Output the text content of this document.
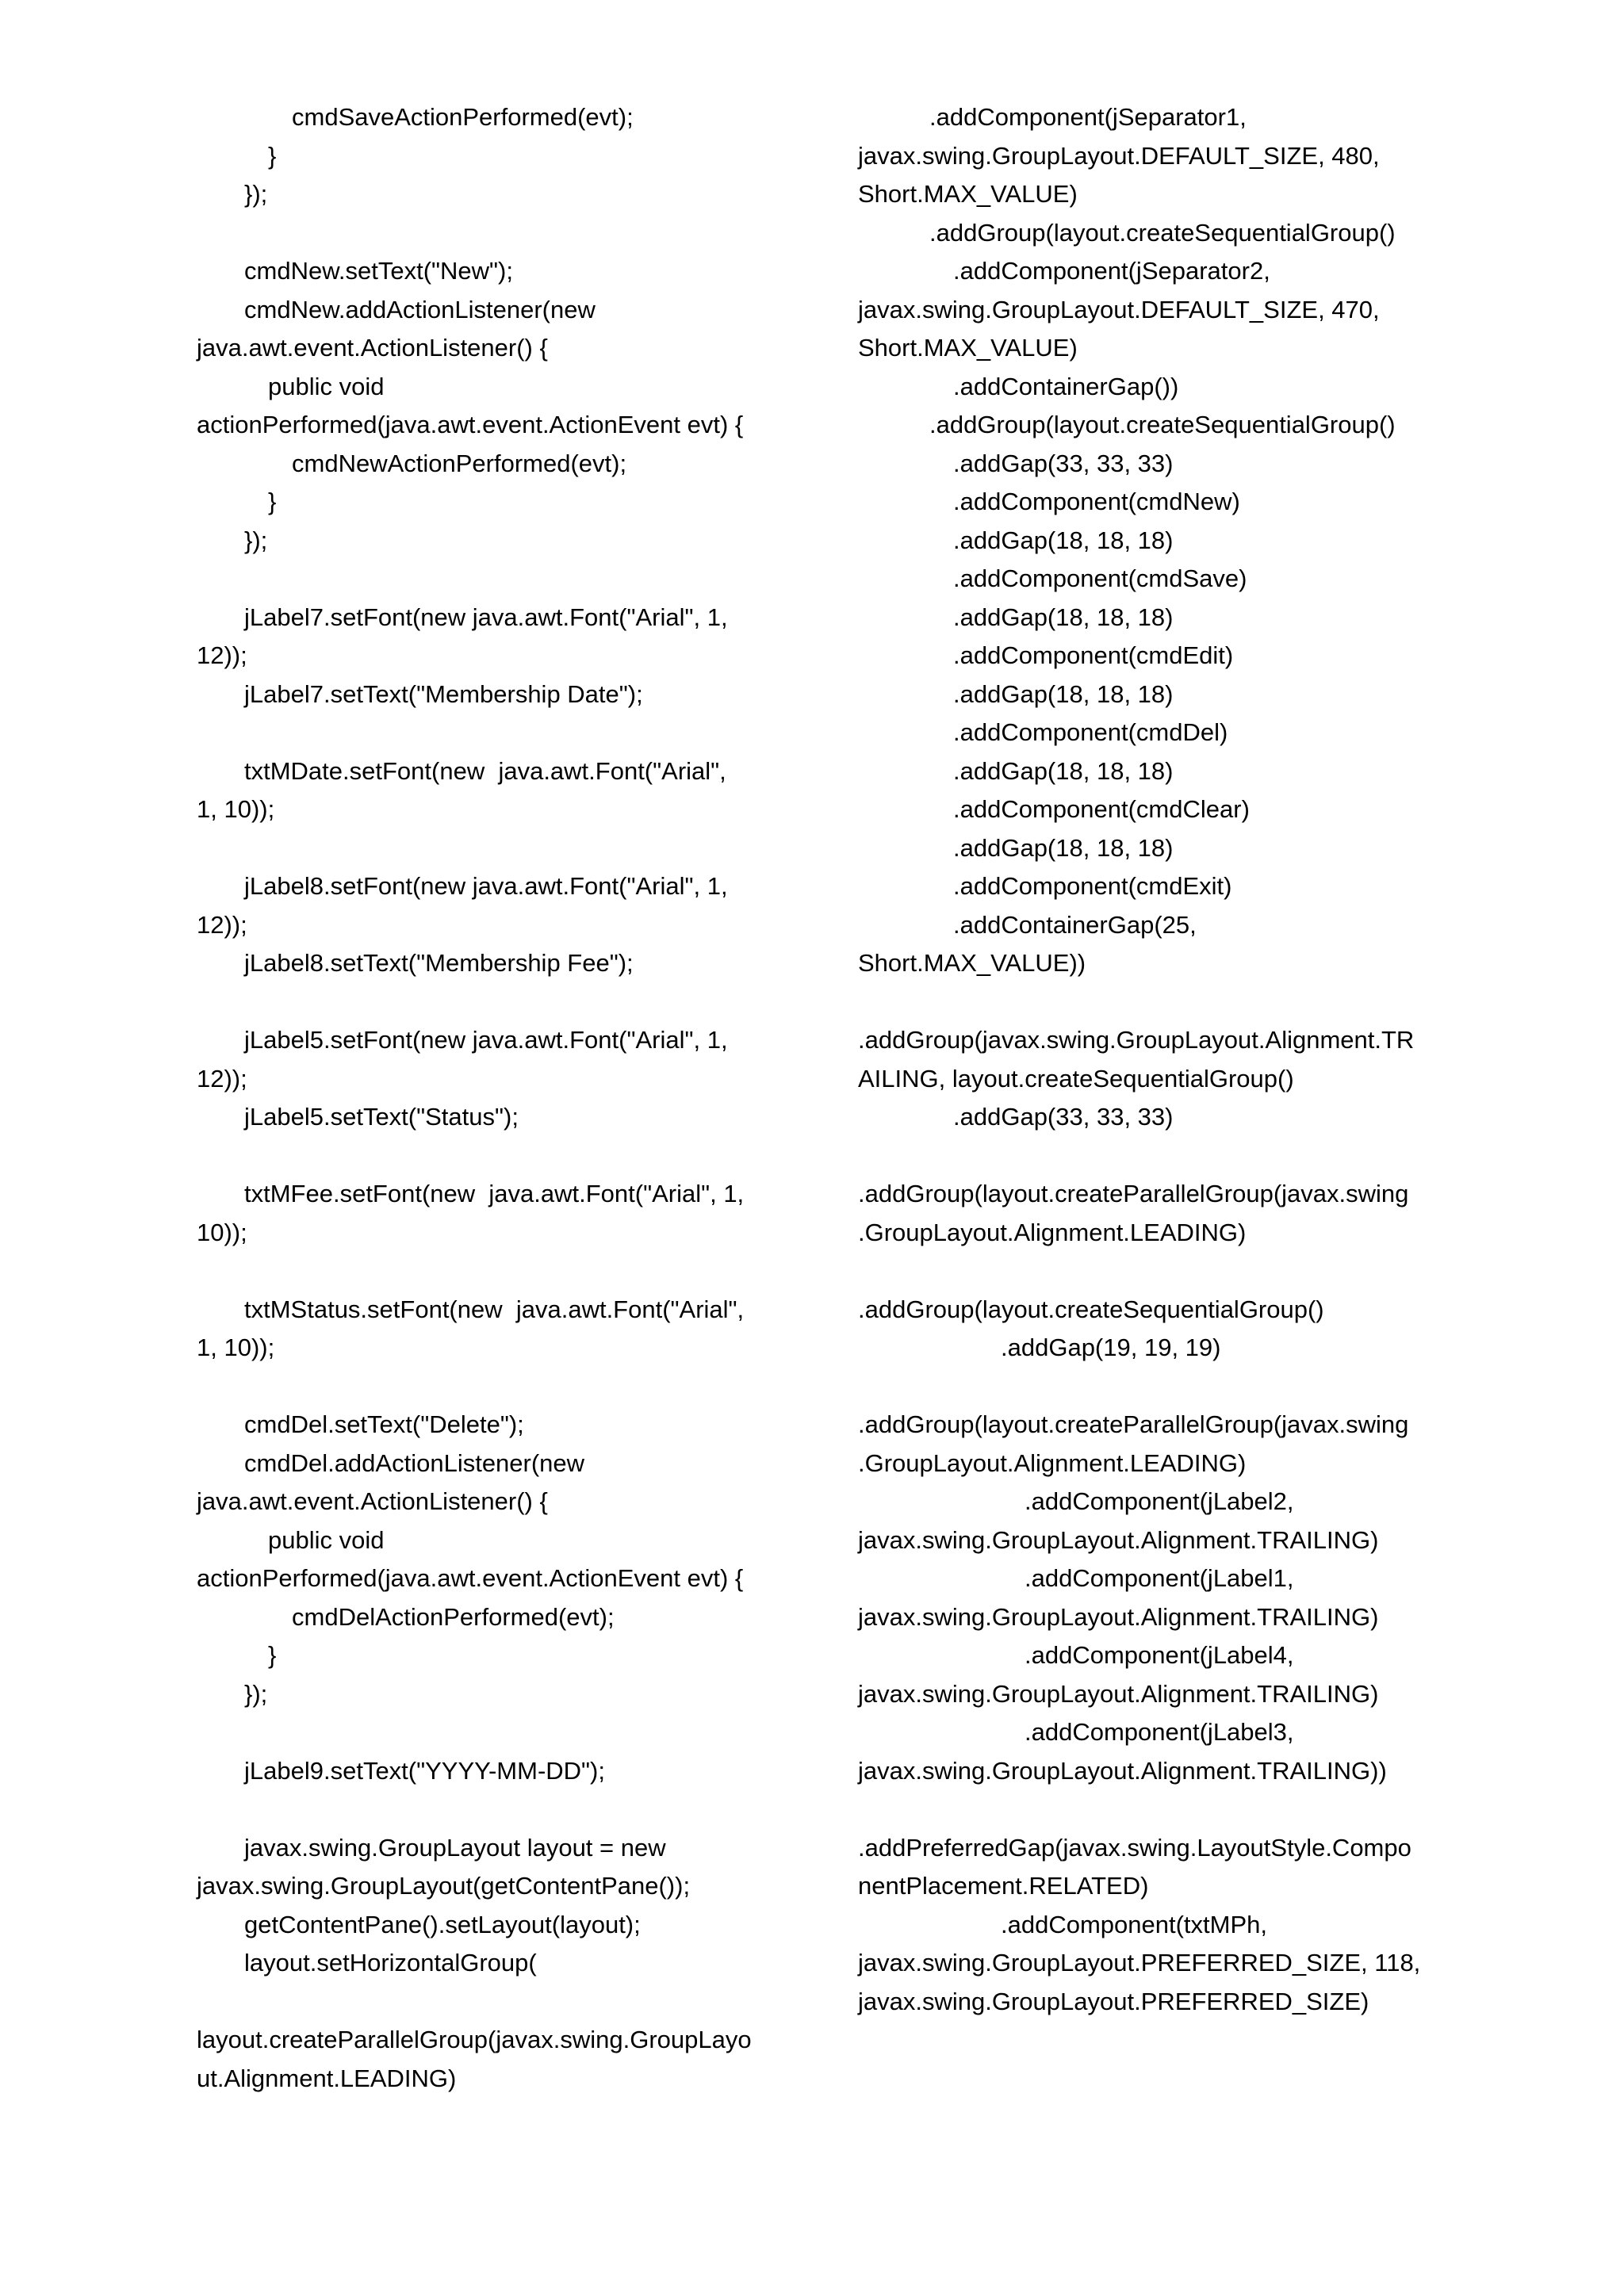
cmdSaveActionPerformed(evt);
}
});
cmdNew.setText("New");
cmdNew.addActionListener(new
java.awt.event.ActionListener() {
public void
actionPerformed(java.awt.event.ActionEvent evt) {
cmdNewActionPerformed(evt);
}
});
jLabel7.setFont(new java.awt.Font("Arial", 1,
12));
jLabel7.setText("Membership Date");
txtMDate.setFont(new  java.awt.Font("Arial",
1, 10));
jLabel8.setFont(new java.awt.Font("Arial", 1,
12));
jLabel8.setText("Membership Fee");
jLabel5.setFont(new java.awt.Font("Arial", 1,
12));
jLabel5.setText("Status");
txtMFee.setFont(new  java.awt.Font("Arial", 1,
10));
txtMStatus.setFont(new  java.awt.Font("Arial",
1, 10));
cmdDel.setText("Delete");
cmdDel.addActionListener(new
java.awt.event.ActionListener() {
public void
actionPerformed(java.awt.event.ActionEvent evt) {
cmdDelActionPerformed(evt);
}
});
jLabel9.setText("YYYY-MM-DD");
javax.swing.GroupLayout layout = new
javax.swing.GroupLayout(getContentPane());
getContentPane().setLayout(layout);
layout.setHorizontalGroup(
layout.createParallelGroup(javax.swing.GroupLayo
ut.Alignment.LEADING)
.addComponent(jSeparator1,
javax.swing.GroupLayout.DEFAULT_SIZE, 480,
Short.MAX_VALUE)
.addGroup(layout.createSequentialGroup()
.addComponent(jSeparator2,
javax.swing.GroupLayout.DEFAULT_SIZE, 470,
Short.MAX_VALUE)
.addContainerGap())
.addGroup(layout.createSequentialGroup()
.addGap(33, 33, 33)
.addComponent(cmdNew)
.addGap(18, 18, 18)
.addComponent(cmdSave)
.addGap(18, 18, 18)
.addComponent(cmdEdit)
.addGap(18, 18, 18)
.addComponent(cmdDel)
.addGap(18, 18, 18)
.addComponent(cmdClear)
.addGap(18, 18, 18)
.addComponent(cmdExit)
.addContainerGap(25,
Short.MAX_VALUE))
.addGroup(javax.swing.GroupLayout.Alignment.TR
AILING, layout.createSequentialGroup()
.addGap(33, 33, 33)
.addGroup(layout.createParallelGroup(javax.swing
.GroupLayout.Alignment.LEADING)
.addGroup(layout.createSequentialGroup()
.addGap(19, 19, 19)
.addGroup(layout.createParallelGroup(javax.swing
.GroupLayout.Alignment.LEADING)
.addComponent(jLabel2,
javax.swing.GroupLayout.Alignment.TRAILING)
.addComponent(jLabel1,
javax.swing.GroupLayout.Alignment.TRAILING)
.addComponent(jLabel4,
javax.swing.GroupLayout.Alignment.TRAILING)
.addComponent(jLabel3,
javax.swing.GroupLayout.Alignment.TRAILING))
.addPreferredGap(javax.swing.LayoutStyle.Compo
nentPlacement.RELATED)
.addComponent(txtMPh,
javax.swing.GroupLayout.PREFERRED_SIZE, 118,
javax.swing.GroupLayout.PREFERRED_SIZE)
